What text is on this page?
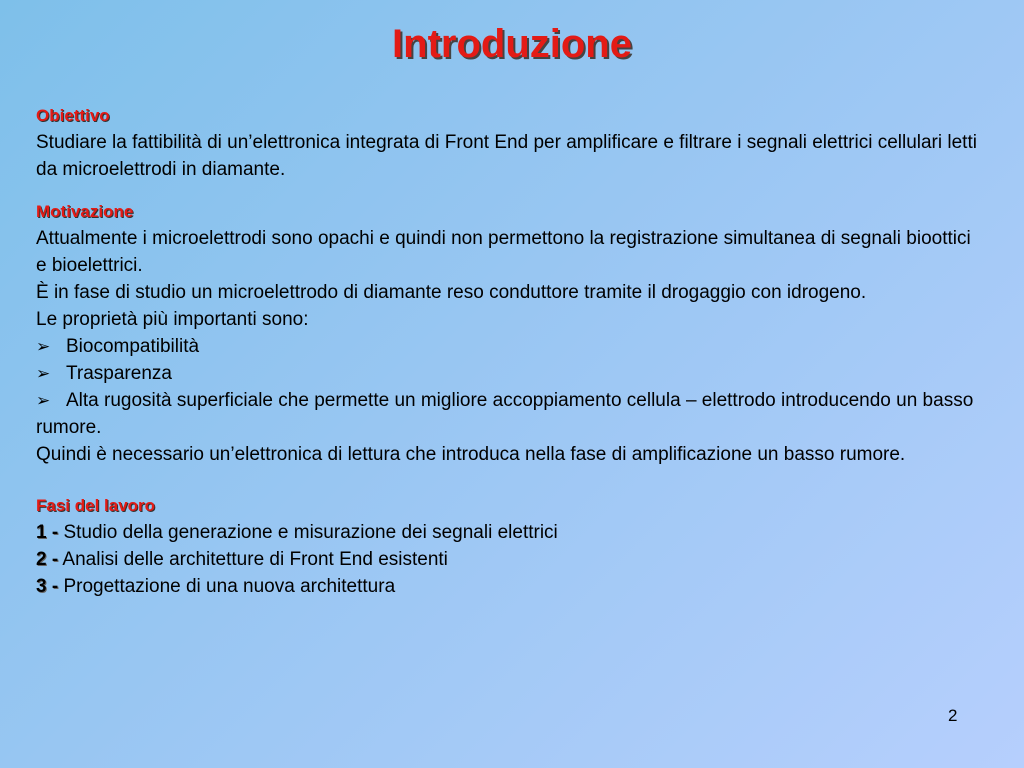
Introduzione
Obiettivo

Studiare la fattibilità di un’elettronica integrata di Front End per amplificare e filtrare i segnali elettrici cellulari letti da microelettrodi in diamante.

Motivazione

Attualmente i microelettrodi sono opachi e quindi non permettono la registrazione simultanea di segnali bioottici e bioelettrici.

È in fase di studio un microelettrodo di diamante reso conduttore tramite il drogaggio con idrogeno.

Le proprietà più importanti sono:

➢ Biocompatibilità

➢ Trasparenza

➢ Alta rugosità superficiale che permette un migliore accoppiamento cellula – elettrodo introducendo un basso rumore.

Quindi è necessario un’elettronica di lettura che introduca nella fase di amplificazione un basso rumore.

Fasi del lavoro

1 - Studio della generazione e misurazione dei segnali elettrici

2 - Analisi delle architetture di Front End esistenti

3 - Progettazione di una nuova architettura

2
